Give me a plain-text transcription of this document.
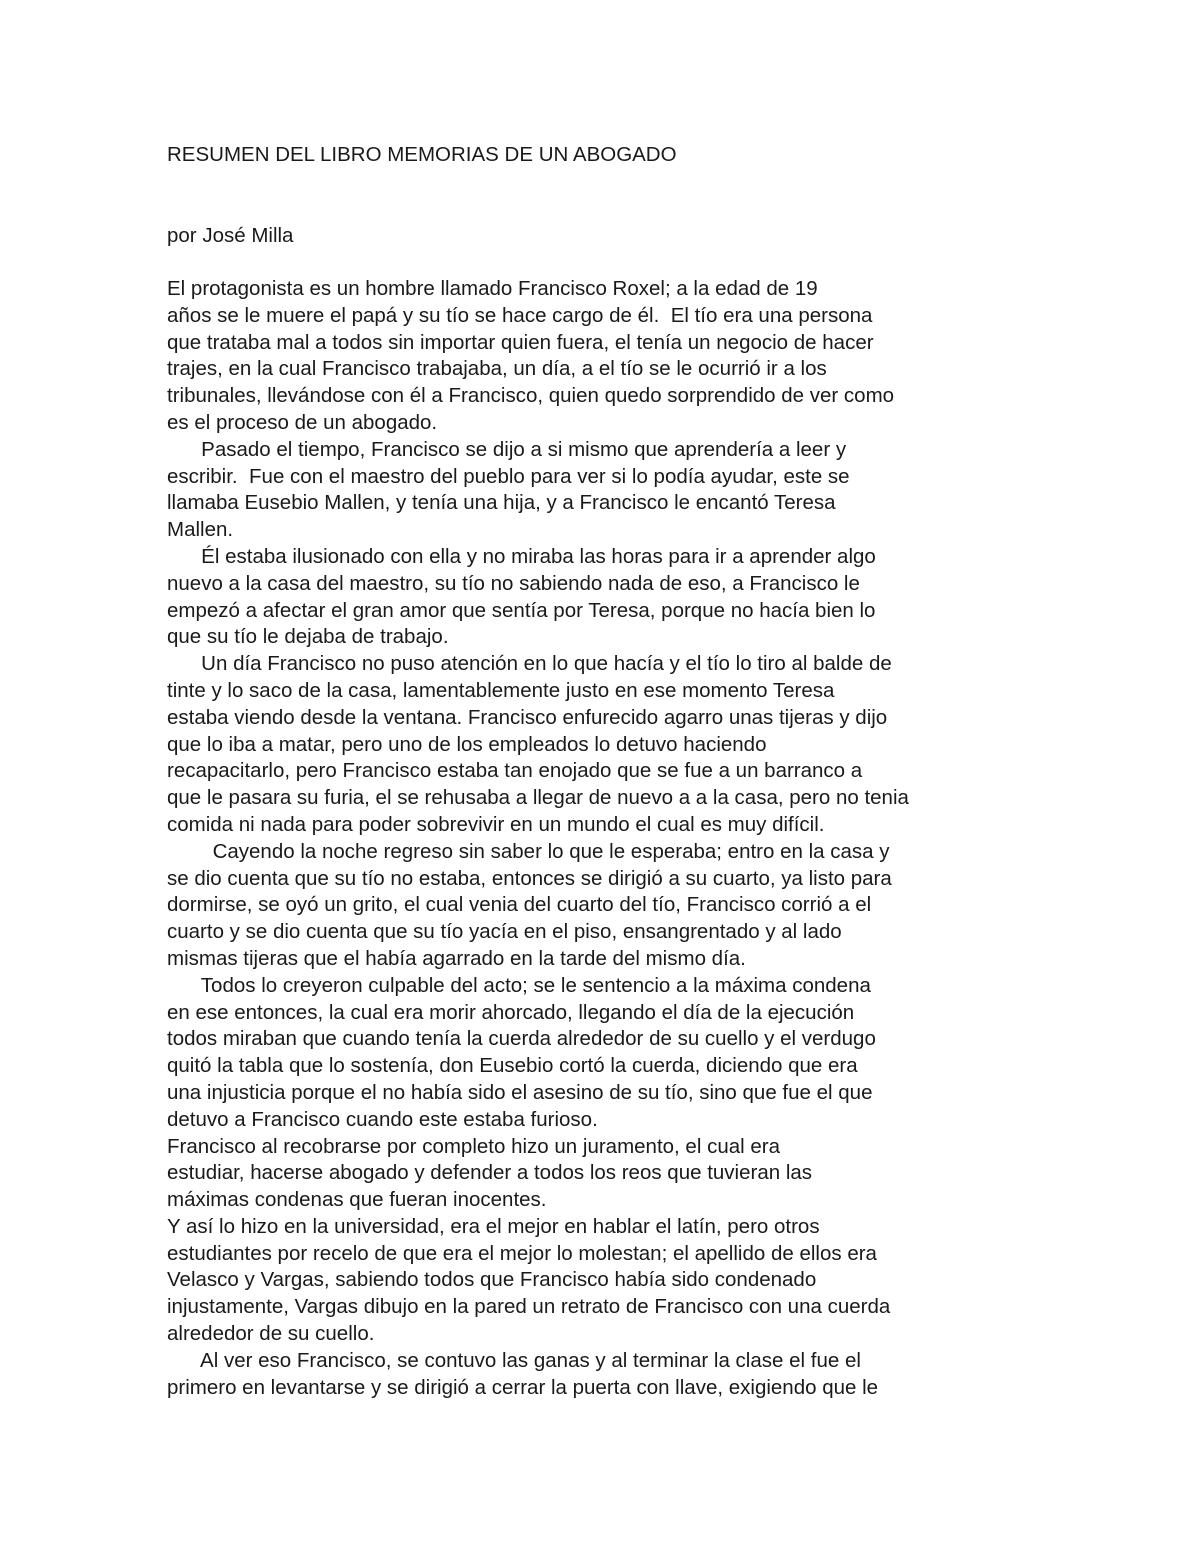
RESUMEN DEL LIBRO MEMORIAS DE UN ABOGADO

por José Milla

El protagonista es un hombre llamado Francisco Roxel; a la edad de 19
años se le muere el papá y su tío se hace cargo de él.  El tío era una persona
que trataba mal a todos sin importar quien fuera, el tenía un negocio de hacer
trajes, en la cual Francisco trabajaba, un día, a el tío se le ocurrió ir a los
tribunales, llevándose con él a Francisco, quien quedo sorprendido de ver como
es el proceso de un abogado.
Pasado el tiempo, Francisco se dijo a si mismo que aprendería a leer y
escribir.  Fue con el maestro del pueblo para ver si lo podía ayudar, este se
llamaba Eusebio Mallen, y tenía una hija, y a Francisco le encantó Teresa
Mallen.
Él estaba ilusionado con ella y no miraba las horas para ir a aprender algo
nuevo a la casa del maestro, su tío no sabiendo nada de eso, a Francisco le
empezó a afectar el gran amor que sentía por Teresa, porque no hacía bien lo
que su tío le dejaba de trabajo.
Un día Francisco no puso atención en lo que hacía y el tío lo tiro al balde de
tinte y lo saco de la casa, lamentablemente justo en ese momento Teresa
estaba viendo desde la ventana. Francisco enfurecido agarro unas tijeras y dijo
que lo iba a matar, pero uno de los empleados lo detuvo haciendo
recapacitarlo, pero Francisco estaba tan enojado que se fue a un barranco a
que le pasara su furia, el se rehusaba a llegar de nuevo a a la casa, pero no tenia
comida ni nada para poder sobrevivir en un mundo el cual es muy difícil.
Cayendo la noche regreso sin saber lo que le esperaba; entro en la casa y
se dio cuenta que su tío no estaba, entonces se dirigió a su cuarto, ya listo para
dormirse, se oyó un grito, el cual venia del cuarto del tío, Francisco corrió a el
cuarto y se dio cuenta que su tío yacía en el piso, ensangrentado y al lado
mismas tijeras que el había agarrado en la tarde del mismo día.
Todos lo creyeron culpable del acto; se le sentencio a la máxima condena
en ese entonces, la cual era morir ahorcado, llegando el día de la ejecución
todos miraban que cuando tenía la cuerda alrededor de su cuello y el verdugo
quitó la tabla que lo sostenía, don Eusebio cortó la cuerda, diciendo que era
una injusticia porque el no había sido el asesino de su tío, sino que fue el que
detuvo a Francisco cuando este estaba furioso.
Francisco al recobrarse por completo hizo un juramento, el cual era
estudiar, hacerse abogado y defender a todos los reos que tuvieran las
máximas condenas que fueran inocentes.
Y así lo hizo en la universidad, era el mejor en hablar el latín, pero otros
estudiantes por recelo de que era el mejor lo molestan; el apellido de ellos era
Velasco y Vargas, sabiendo todos que Francisco había sido condenado
injustamente, Vargas dibujo en la pared un retrato de Francisco con una cuerda
alrededor de su cuello.
Al ver eso Francisco, se contuvo las ganas y al terminar la clase el fue el
primero en levantarse y se dirigió a cerrar la puerta con llave, exigiendo que le
